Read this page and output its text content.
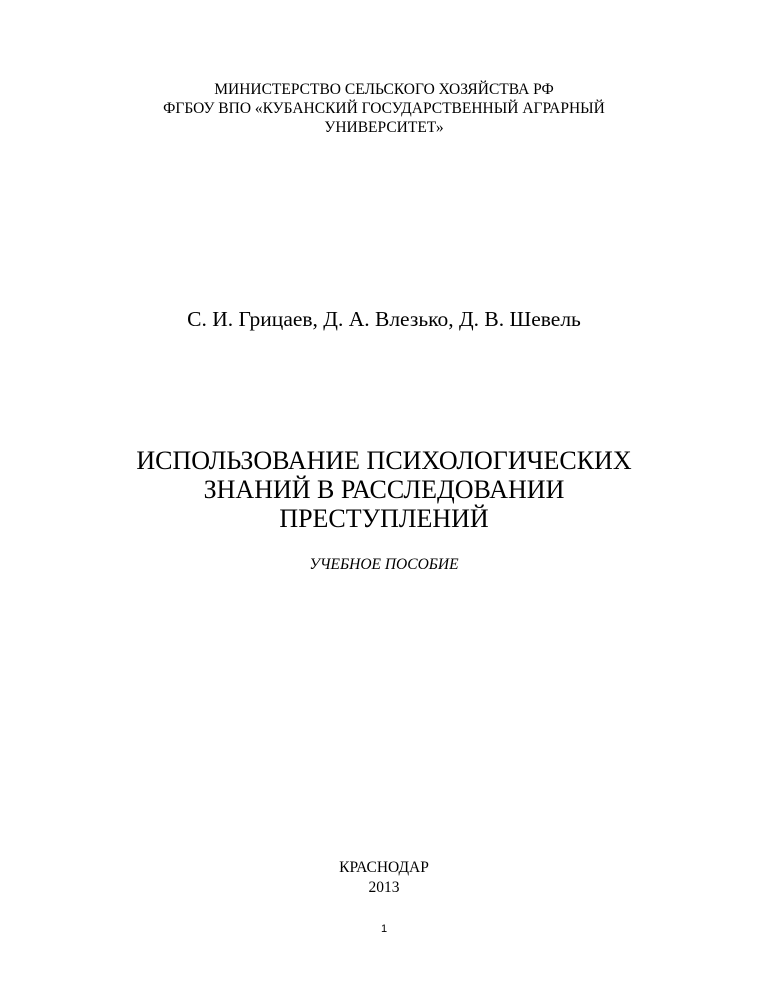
МИНИСТЕРСТВО СЕЛЬСКОГО ХОЗЯЙСТВА РФ
ФГБОУ ВПО «КУБАНСКИЙ ГОСУДАРСТВЕННЫЙ АГРАРНЫЙ
УНИВЕРСИТЕТ»
С. И. Грицаев, Д. А. Влезько, Д. В. Шевель
ИСПОЛЬЗОВАНИЕ ПСИХОЛОГИЧЕСКИХ
ЗНАНИЙ В РАССЛЕДОВАНИИ
ПРЕСТУПЛЕНИЙ
УЧЕБНОЕ ПОСОБИЕ
КРАСНОДАР
2013
1
